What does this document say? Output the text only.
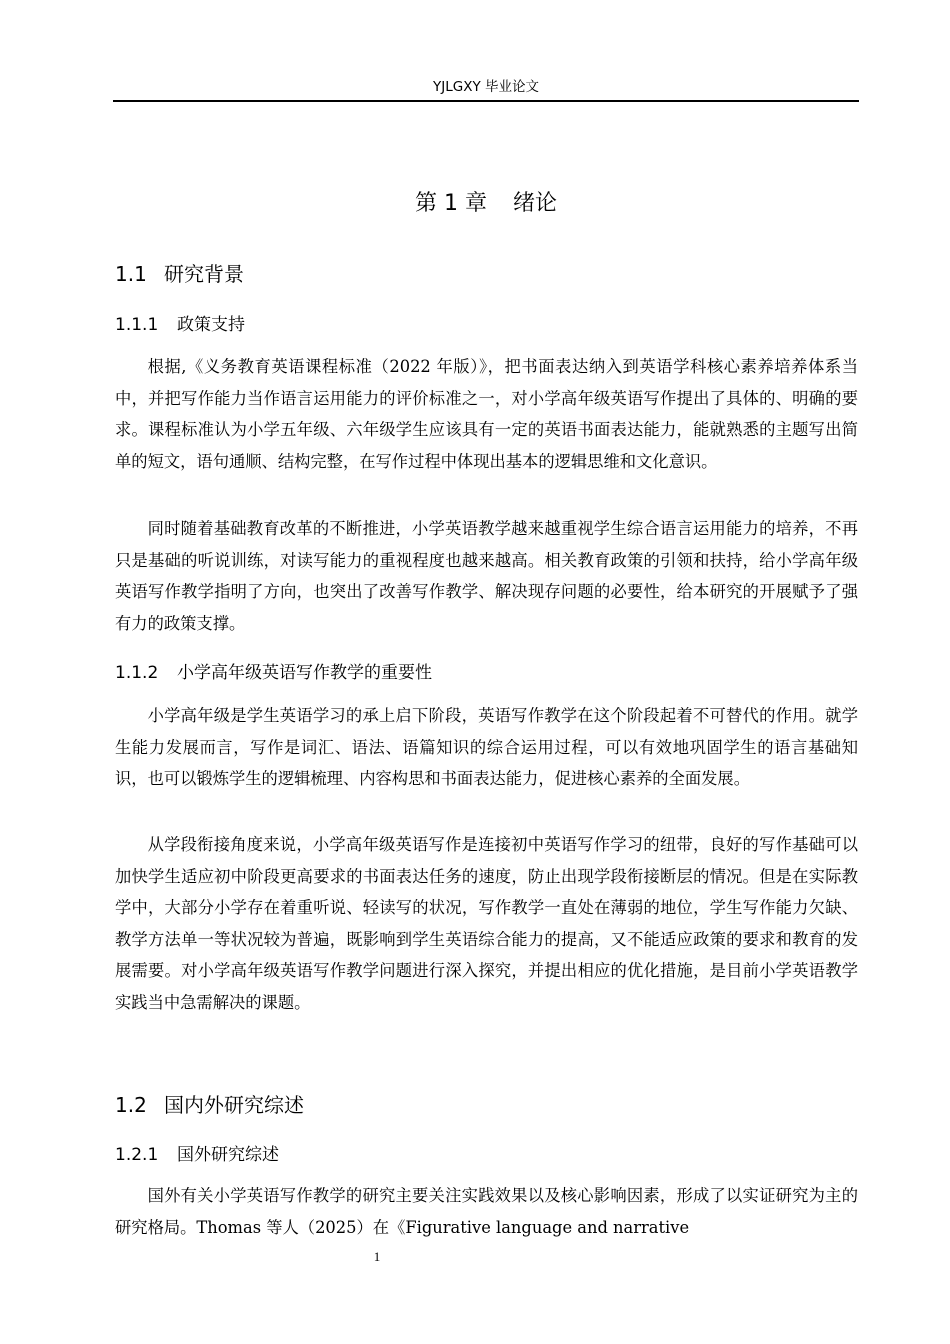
YJLGXY 毕业论文
第 1 章 绪论
1.1 研究背景
1.1.1 政策支持

根据,《义务教育英语课程标准（2022 年版）》，把书面表达纳入到英语学科核心素养培养体系当中，并把写作能力当作语言运用能力的评价标准之一，对小学高年级英语写作提出了具体的、明确的要求。课程标准认为小学五年级、六年级学生应该具有一定的英语书面表达能力，能就熟悉的主题写出简单的短文，语句通顺、结构完整，在写作过程中体现出基本的逻辑思维和文化意识。

同时随着基础教育改革的不断推进，小学英语教学越来越重视学生综合语言运用能力的培养，不再只是基础的听说训练，对读写能力的重视程度也越来越高。相关教育政策的引领和扶持，给小学高年级英语写作教学指明了方向，也突出了改善写作教学、解决现存问题的必要性，给本研究的开展赋予了强有力的政策支撑。

1.1.2 小学高年级英语写作教学的重要性

小学高年级是学生英语学习的承上启下阶段，英语写作教学在这个阶段起着不可替代的作用。就学生能力发展而言，写作是词汇、语法、语篇知识的综合运用过程，可以有效地巩固学生的语言基础知识，也可以锻炼学生的逻辑梳理、内容构思和书面表达能力，促进核心素养的全面发展。

从学段衔接角度来说，小学高年级英语写作是连接初中英语写作学习的纽带，良好的写作基础可以加快学生适应初中阶段更高要求的书面表达任务的速度，防止出现学段衔接断层的情况。但是在实际教学中，大部分小学存在着重听说、轻读写的状况，写作教学一直处在薄弱的地位，学生写作能力欠缺、教学方法单一等状况较为普遍，既影响到学生英语综合能力的提高，又不能适应政策的要求和教育的发展需要。对小学高年级英语写作教学问题进行深入探究，并提出相应的优化措施，是目前小学英语教学实践当中急需解决的课题。

1.2 国内外研究综述
1.2.1 国外研究综述

国外有关小学英语写作教学的研究主要关注实践效果以及核心影响因素，形成了以实证研究为主的研究格局。Thomas 等人（2025）在《Figurative language and narrative

1
